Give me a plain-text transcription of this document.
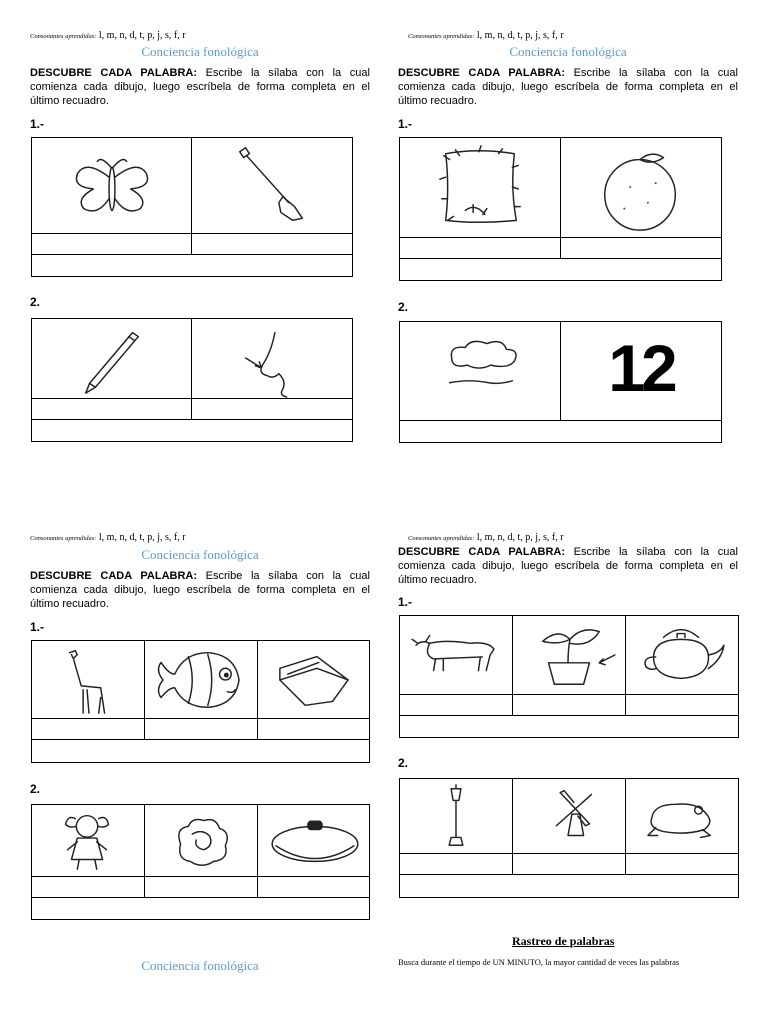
Consonantes aprendidas: l, m, n, d, t, p, j, s, f, r
Conciencia fonológica
DESCUBRE CADA PALABRA: Escribe la sílaba con la cual comienza cada dibujo, luego escríbela de forma completa en el último recuadro.
1.-
2.
Consonantes aprendidas: l, m, n, d, t, p, j, s, f, r
Conciencia fonológica
DESCUBRE CADA PALABRA: Escribe la sílaba con la cual comienza cada dibujo, luego escríbela de forma completa en el último recuadro.
1.-
2.
12
Consonantes aprendidas: l, m, n, d, t, p, j, s, f, r
Conciencia fonológica
DESCUBRE CADA PALABRA: Escribe la sílaba con la cual comienza cada dibujo, luego escríbela de forma completa en el último recuadro.
1.-
2.
Consonantes aprendidas: l, m, n, d, t, p, j, s, f, r
DESCUBRE CADA PALABRA: Escribe la sílaba con la cual comienza cada dibujo, luego escríbela de forma completa en el último recuadro.
1.-
2.
Rastreo de palabras
Busca durante el tiempo de UN MINUTO, la mayor cantidad de veces las palabras
Conciencia fonológica
